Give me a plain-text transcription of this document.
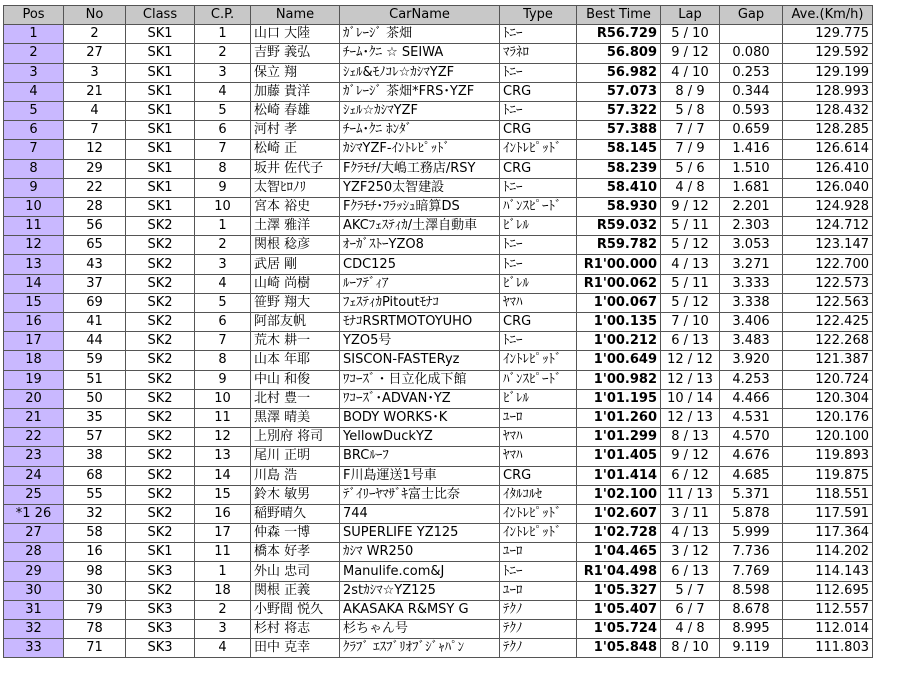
Pos	No	Class	C.P.	Name	CarName	Type	Best Time	Lap	Gap	Ave.(Km/h)
1	2	SK1	1	山口 大陸	ｶﾞﾚｰｼﾞ 茶畑	ﾄﾆｰ	R56.729	5 / 10		129.775
2	27	SK1	2	吉野 義弘	ﾁｰﾑ･ｸﾆ ☆ SEIWA	ﾏﾗﾈﾛ	56.809	9 / 12	0.080	129.592
3	3	SK1	3	保立 翔	ｼｪﾙ&ﾓﾉｺﾚ☆ｶｼﾏYZF	ﾄﾆｰ	56.982	4 / 10	0.253	129.199
4	21	SK1	4	加藤 貴洋	ｶﾞﾚｰｼﾞ 茶畑*FRS･YZF	CRG	57.073	8 / 9	0.344	128.993
5	4	SK1	5	松崎 春雄	ｼｪﾙ☆ｶｼﾏYZF	ﾄﾆｰ	57.322	5 / 8	0.593	128.432
6	7	SK1	6	河村 孝	ﾁｰﾑ･ｸﾆ ﾎﾝﾀﾞ	CRG	57.388	7 / 7	0.659	128.285
7	12	SK1	7	松崎 正	ｶｼﾏYZF-ｲﾝﾄﾚﾋﾟｯﾄﾞ	ｲﾝﾄﾚﾋﾟｯﾄﾞ	58.145	7 / 9	1.416	126.614
8	29	SK1	8	坂井 佐代子	Fｸﾗﾓﾁ/大嶋工務店/RSY	CRG	58.239	5 / 6	1.510	126.410
9	22	SK1	9	太智ﾋﾛﾉﾘ	YZF250太智建設	ﾄﾆｰ	58.410	4 / 8	1.681	126.040
10	28	SK1	10	宮本 裕史	Fｸﾗﾓﾁ･ﾌﾗｯｼｭ暗算DS	ﾊﾞﾝｽﾋﾟｰﾄﾞ	58.930	9 / 12	2.201	124.928
11	56	SK2	1	土澤 雅洋	AKCﾌｪｽﾃｨｶ/土澤自動車	ﾋﾞﾚﾙ	R59.032	5 / 11	2.303	124.712
12	65	SK2	2	関根 稔彦	ｵｰｶﾞｽﾄｰYZO8	ﾄﾆｰ	R59.782	5 / 12	3.053	123.147
13	43	SK2	3	武居 剛	CDC125	ﾄﾆｰ	R1'00.000	4 / 13	3.271	122.700
14	37	SK2	4	山崎 尚樹	ﾙｰﾌﾃﾞｨｱ	ﾋﾞﾚﾙ	R1'00.062	5 / 11	3.333	122.573
15	69	SK2	5	笹野 翔大	ﾌｪｽﾃｨｶPitoutﾓﾅｺ	ﾔﾏﾊ	1'00.067	5 / 12	3.338	122.563
16	41	SK2	6	阿部友帆	ﾓﾅｺRSRTMOTOYUHO	CRG	1'00.135	7 / 10	3.406	122.425
17	44	SK2	7	荒木 耕一	YZO5号	ﾄﾆｰ	1'00.212	6 / 13	3.483	122.268
18	59	SK2	8	山本 年耶	SISCON-FASTERyz	ｲﾝﾄﾚﾋﾟｯﾄﾞ	1'00.649	12 / 12	3.920	121.387
19	51	SK2	9	中山 和俊	ﾜｺｰｽﾞ・日立化成下館	ﾊﾞﾝｽﾋﾟｰﾄﾞ	1'00.982	12 / 13	4.253	120.724
20	50	SK2	10	北村 豊一	ﾜｺｰｽﾞ･ADVAN･YZ	ﾋﾞﾚﾙ	1'01.195	10 / 14	4.466	120.304
21	35	SK2	11	黒澤 晴美	BODY WORKS･K	ﾕｰﾛ	1'01.260	12 / 13	4.531	120.176
22	57	SK2	12	上別府 将司	YellowDuckYZ	ﾔﾏﾊ	1'01.299	8 / 13	4.570	120.100
23	38	SK2	13	尾川 正明	BRCﾙｰﾌ	ﾔﾏﾊ	1'01.405	9 / 12	4.676	119.893
24	68	SK2	14	川島 浩	F川島運送1号車	CRG	1'01.414	6 / 12	4.685	119.875
25	55	SK2	15	鈴木 敏男	ﾃﾞｲﾘｰﾔﾏｻﾞｷ富士比奈	ｲﾀﾙｺﾙｾ	1'02.100	11 / 13	5.371	118.551
*1 26	32	SK2	16	稲野晴久	744	ｲﾝﾄﾚﾋﾟｯﾄﾞ	1'02.607	3 / 11	5.878	117.591
27	58	SK2	17	仲森 一博	SUPERLIFE YZ125	ｲﾝﾄﾚﾋﾟｯﾄﾞ	1'02.728	4 / 13	5.999	117.364
28	16	SK1	11	橋本 好孝	ｶｼﾏ WR250	ﾕｰﾛ	1'04.465	3 / 12	7.736	114.202
29	98	SK3	1	外山 忠司	Manulife.com&J	ﾄﾆｰ	R1'04.498	6 / 13	7.769	114.143
30	30	SK2	18	関根 正義	2stｶｼﾏ☆YZ125	ﾕｰﾛ	1'05.327	5 / 7	8.598	112.695
31	79	SK3	2	小野間 悦久	AKASAKA R&MSY G	ﾃｸﾉ	1'05.407	6 / 7	8.678	112.557
32	78	SK3	3	杉村 将志	杉ちゃん号	ﾃｸﾉ	1'05.724	4 / 8	8.995	112.014
33	71	SK3	4	田中 克幸	ｸﾗﾌﾞ ｴｽﾌﾞﾘｵﾌﾞｼﾞｬﾊﾟﾝ	ﾃｸﾉ	1'05.848	8 / 10	9.119	111.803
